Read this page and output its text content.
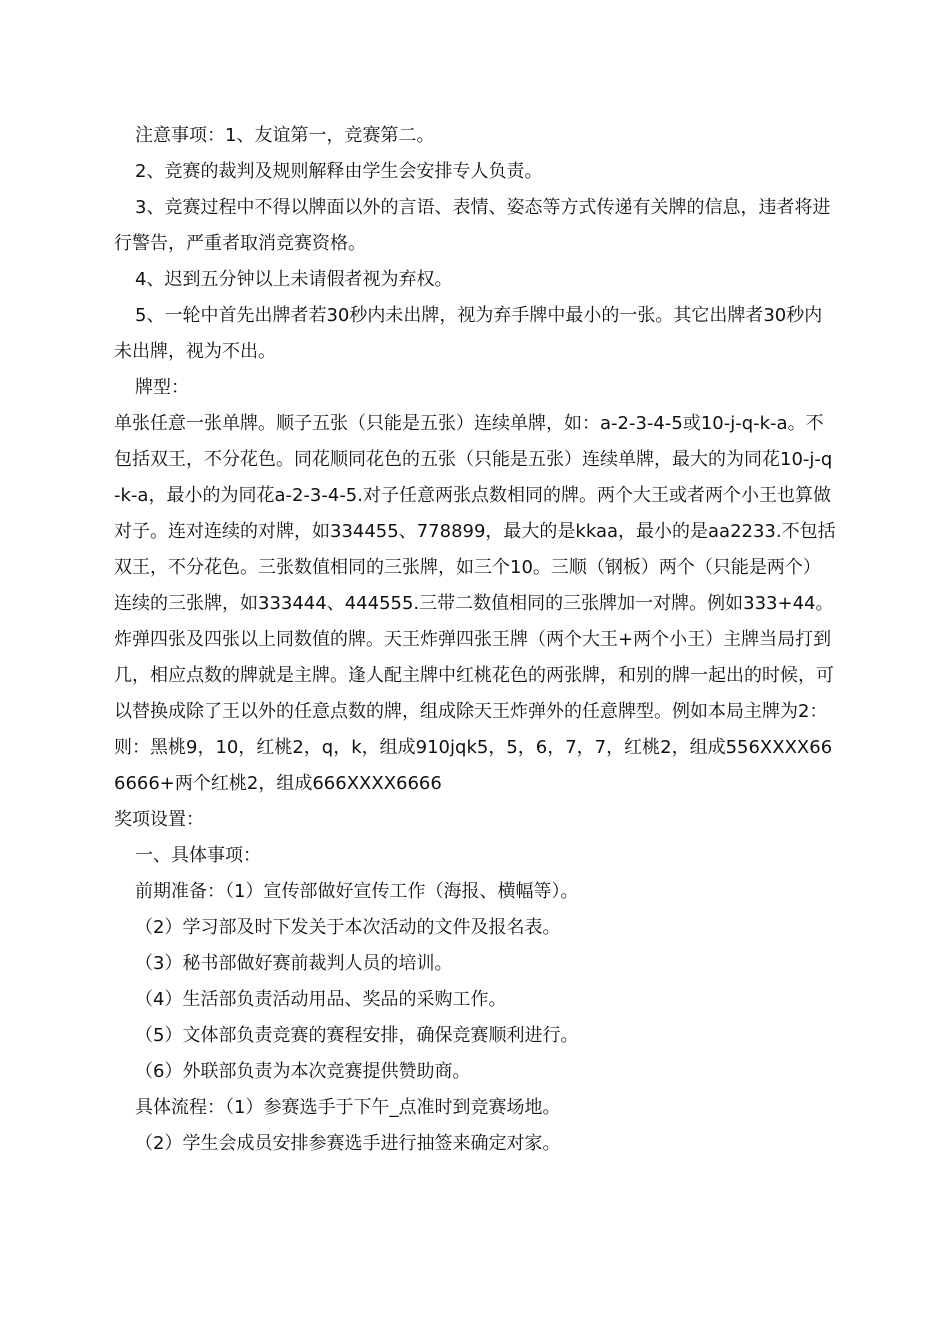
注意事项：1、友谊第一，竞赛第二。

2、竞赛的裁判及规则解释由学生会安排专人负责。

3、竞赛过程中不得以牌面以外的言语、表情、姿态等方式传递有关牌的信息，违者将进行警告，严重者取消竞赛资格。

4、迟到五分钟以上未请假者视为弃权。

5、一轮中首先出牌者若30秒内未出牌，视为弃手牌中最小的一张。其它出牌者30秒内未出牌，视为不出。

牌型：

单张任意一张单牌。顺子五张（只能是五张）连续单牌，如：a-2-3-4-5或10-j-q-k-a。不包括双王，不分花色。同花顺同花色的五张（只能是五张）连续单牌，最大的为同花10-j-q-k-a，最小的为同花a-2-3-4-5.对子任意两张点数相同的牌。两个大王或者两个小王也算做对子。连对连续的对牌，如334455、778899，最大的是kkaa，最小的是aa2233.不包括双王，不分花色。三张数值相同的三张牌，如三个10。三顺（钢板）两个（只能是两个）连续的三张牌，如333444、444555.三带二数值相同的三张牌加一对牌。例如333+44。炸弹四张及四张以上同数值的牌。天王炸弹四张王牌（两个大王+两个小王）主牌当局打到几，相应点数的牌就是主牌。逢人配主牌中红桃花色的两张牌，和别的牌一起出的时候，可以替换成除了王以外的任意点数的牌，组成除天王炸弹外的任意牌型。例如本局主牌为2：则：黑桃9，10，红桃2，q，k，组成910jqk5，5，6，7，7，红桃2，组成556XXXX666666+两个红桃2，组成666XXXX6666

奖项设置：

一、具体事项：

前期准备：（1）宣传部做好宣传工作（海报、横幅等）。

（2）学习部及时下发关于本次活动的文件及报名表。

（3）秘书部做好赛前裁判人员的培训。

（4）生活部负责活动用品、奖品的采购工作。

（5）文体部负责竞赛的赛程安排，确保竞赛顺利进行。

（6）外联部负责为本次竞赛提供赞助商。

具体流程：（1）参赛选手于下午_点准时到竞赛场地。

（2）学生会成员安排参赛选手进行抽签来确定对家。
